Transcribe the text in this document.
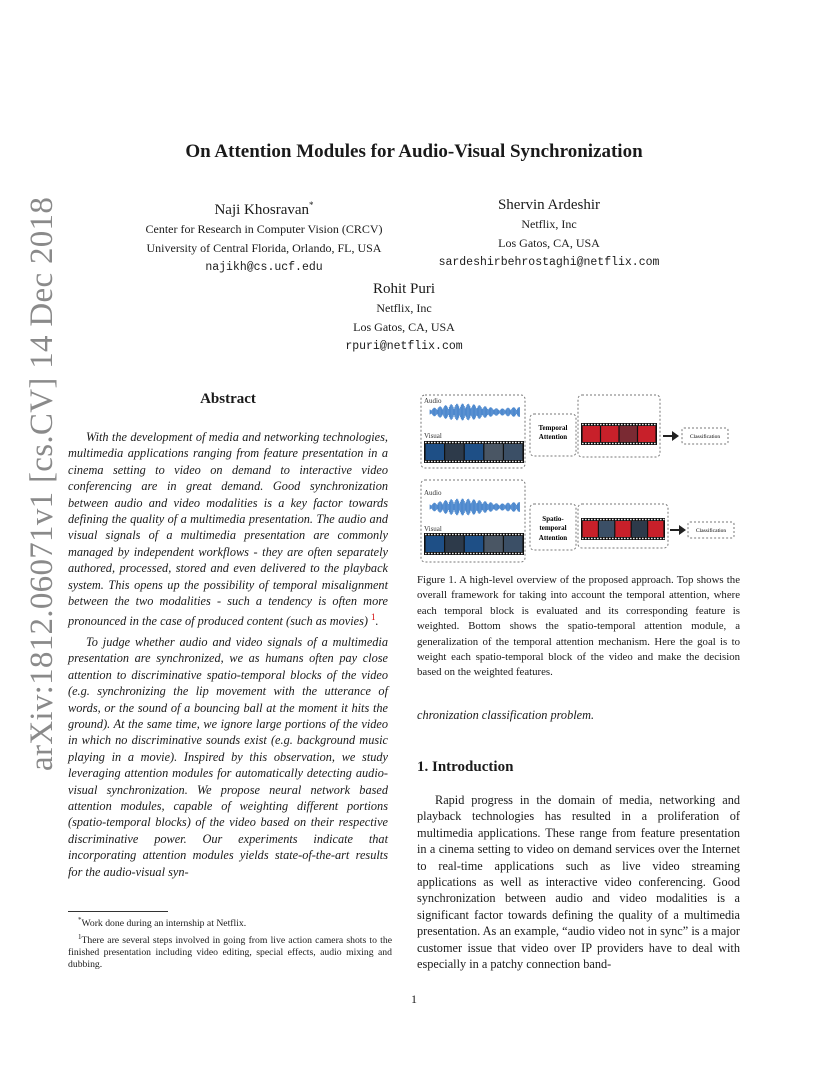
arXiv:1812.06071v1 [cs.CV] 14 Dec 2018
On Attention Modules for Audio-Visual Synchronization
Naji Khosravan*
Center for Research in Computer Vision (CRCV)
University of Central Florida, Orlando, FL, USA
najikh@cs.ucf.edu
Shervin Ardeshir
Netflix, Inc
Los Gatos, CA, USA
sardeshirbehrostaghi@netflix.com
Rohit Puri
Netflix, Inc
Los Gatos, CA, USA
rpuri@netflix.com
Abstract

With the development of media and networking technologies, multimedia applications ranging from feature presentation in a cinema setting to video on demand to interactive video conferencing are in great demand. Good synchronization between audio and video modalities is a key factor towards defining the quality of a multimedia presentation. The audio and visual signals of a multimedia presentation are commonly managed by independent workflows - they are often separately authored, processed, stored and even delivered to the playback system. This opens up the possibility of temporal misalignment between the two modalities - such a tendency is often more pronounced in the case of produced content (such as movies) $^1$.

To judge whether audio and video signals of a multimedia presentation are synchronized, we as humans often pay close attention to discriminative spatio-temporal blocks of the video (e.g. synchronizing the lip movement with the utterance of words, or the sound of a bouncing ball at the moment it hits the ground). At the same time, we ignore large portions of the video in which no discriminative sounds exist (e.g. background music playing in a movie). Inspired by this observation, we study leveraging attention modules for automatically detecting audio-visual synchronization. We propose neural network based attention modules, capable of weighting different portions (spatio-temporal blocks) of the video based on their respective discriminative power. Our experiments indicate that incorporating attention modules yields state-of-the-art results for the audio-visual syn-

*Work done during an internship at Netflix.

$^1$There are several steps involved in going from live action camera shots to the finished presentation including video editing, special effects, audio mixing and dubbing.

Audio
Visual
Temporal
Attention	Classification
Audio
Visual
Spatio-
temporal
Attention
Classification
Figure 1. A high-level overview of the proposed approach. Top shows the overall framework for taking into account the temporal attention, where each temporal block is evaluated and its corresponding feature is weighted. Bottom shows the spatio-temporal attention module, a generalization of the temporal attention mechanism. Here the goal is to weight each spatio-temporal block of the video and make the decision based on the weighted features.
chronization classification problem.
1. Introduction

Rapid progress in the domain of media, networking and playback technologies has resulted in a proliferation of multimedia applications. These range from feature presentation in a cinema setting to video on demand services over the Internet to real-time applications such as live video streaming applications as well as interactive video conferencing. Good synchronization between audio and video modalities is a significant factor towards defining the quality of a multimedia presentation. As an example, “audio video not in sync” is a major customer issue that video over IP providers have to deal with especially in a patchy connection band-

1
